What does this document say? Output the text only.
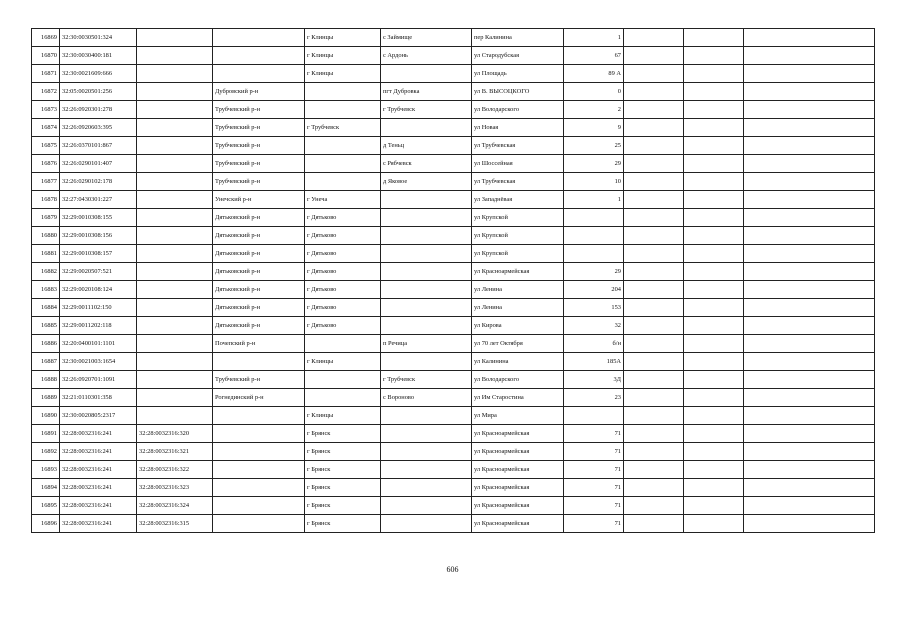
16869	32:30:0030501:324			г Клинцы	с Займище	пер Калинина	1			
16870	32:30:0030400:181			г Клинцы	с Ардонь	ул Стародубская	67			
16871	32:30:0021609:666			г Клинцы		ул Площадь	89 А			
16872	32:05:0020501:256		Дубровский р-н		пгт Дубровка	ул В. ВЫСОЦКОГО	0			
16873	32:26:0920301:278		Трубчевский р-н		г Трубчевск	ул Володарского	2			
16874	32:26:0920603:395		Трубчевский р-н	г Трубчевск		ул Новая	9			
16875	32:26:0370101:867		Трубчевский р-н		д Теньц	ул Трубчевская	25			
16876	32:26:0290101:407		Трубчевский р-н		с Рябчевск	ул Шоссейная	29			
16877	32:26:0290102:178		Трубчевский р-н		д Яковое	ул Трубчевская	10			
16878	32:27:0430301:227		Унечский р-н	г Унеча		ул Западнёвая	1			
16879	32:29:0010308:155		Дятьковский р-н	г Дятьково		ул Крупской				
16880	32:29:0010308:156		Дятьковский р-н	г Дятьково		ул Крупской				
16881	32:29:0010308:157		Дятьковский р-н	г Дятьково		ул Крупской				
16882	32:29:0020507:521		Дятьковский р-н	г Дятьково		ул Красноармейская	29			
16883	32:29:0020108:124		Дятьковский р-н	г Дятьково		ул Ленина	204			
16884	32:29:0011102:150		Дятьковский р-н	г Дятьково		ул Ленина	153			
16885	32:29:0011202:118		Дятьковский р-н	г Дятьково		ул Кирова	32			
16886	32:20:0400101:1101		Почепский р-н		п Речица	ул 70 лет Октября	б/н			
16887	32:30:0021003:1654			г Клинцы		ул Калинина	185А			
16888	32:26:0920701:1091		Трубчевский р-н		г Трубчевск	ул Володарского	3Д			
16889	32:21:0110301:358		Рогнединский р-н		с Вороново	ул Им Старостина	23			
16890	32:30:0020805:2317			г Клинцы		ул Мира				
16891	32:28:0032316:241	32:28:0032316:320		г Брянск		ул Красноармейская	71			
16892	32:28:0032316:241	32:28:0032316:321		г Брянск		ул Красноармейская	71			
16893	32:28:0032316:241	32:28:0032316:322		г Брянск		ул Красноармейская	71			
16894	32:28:0032316:241	32:28:0032316:323		г Брянск		ул Красноармейская	71			
16895	32:28:0032316:241	32:28:0032316:324		г Брянск		ул Красноармейская	71			
16896	32:28:0032316:241	32:28:0032316:315		г Брянск		ул Красноармейская	71			
606
